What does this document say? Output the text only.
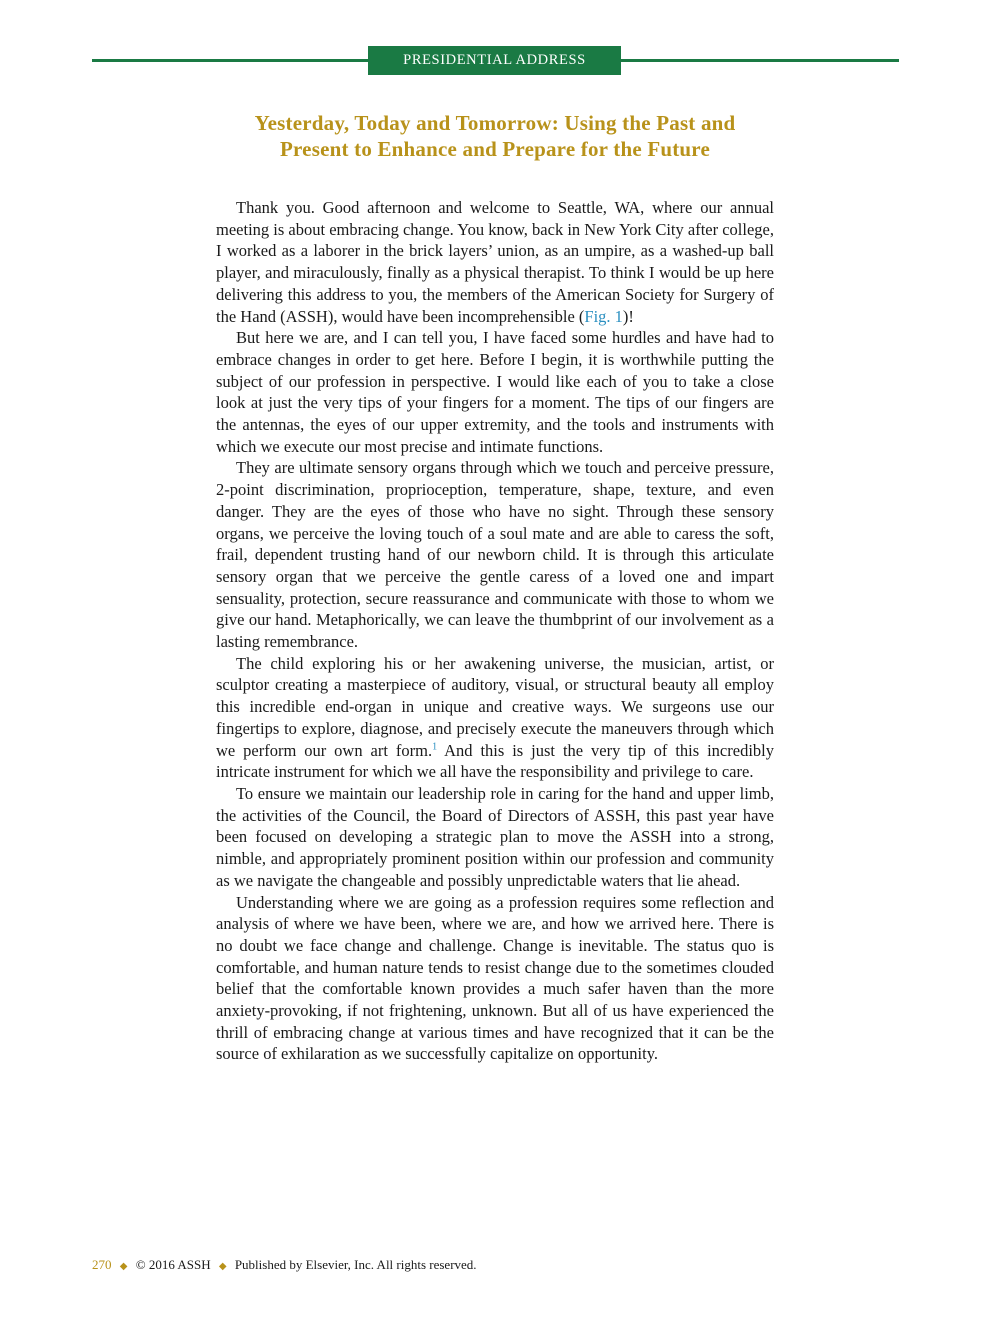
PRESIDENTIAL ADDRESS
Yesterday, Today and Tomorrow: Using the Past and
Present to Enhance and Prepare for the Future

Thank you. Good afternoon and welcome to Seattle, WA, where our annual meeting is about embracing change. You know, back in New York City after college, I worked as a laborer in the brick layers’ union, as an umpire, as a washed-up ball player, and miraculously, finally as a physical therapist. To think I would be up here delivering this address to you, the members of the American Society for Surgery of the Hand (ASSH), would have been incomprehensible (Fig. 1)!

But here we are, and I can tell you, I have faced some hurdles and have had to embrace changes in order to get here. Before I begin, it is worthwhile putting the subject of our profession in perspective. I would like each of you to take a close look at just the very tips of your fingers for a moment. The tips of our fingers are the antennas, the eyes of our upper extremity, and the tools and instruments with which we execute our most precise and intimate functions.

They are ultimate sensory organs through which we touch and perceive pressure, 2-point discrimination, proprioception, temperature, shape, texture, and even danger. They are the eyes of those who have no sight. Through these sensory organs, we perceive the loving touch of a soul mate and are able to caress the soft, frail, dependent trusting hand of our newborn child. It is through this articulate sensory organ that we perceive the gentle caress of a loved one and impart sensuality, protection, secure reassurance and communicate with those to whom we give our hand. Metaphorically, we can leave the thumbprint of our involvement as a lasting remembrance.

The child exploring his or her awakening universe, the musician, artist, or sculptor creating a masterpiece of auditory, visual, or structural beauty all employ this incredible end-organ in unique and creative ways. We surgeons use our fingertips to explore, diagnose, and precisely execute the maneuvers through which we perform our own art form.$^1$ And this is just the very tip of this incredibly intricate instrument for which we all have the responsibility and privilege to care.

To ensure we maintain our leadership role in caring for the hand and upper limb, the activities of the Council, the Board of Directors of ASSH, this past year have been focused on developing a strategic plan to move the ASSH into a strong, nimble, and appropriately prominent position within our profession and community as we navigate the changeable and possibly unpredictable waters that lie ahead.

Understanding where we are going as a profession requires some reflection and analysis of where we have been, where we are, and how we arrived here. There is no doubt we face change and challenge. Change is inevitable. The status quo is comfortable, and human nature tends to resist change due to the sometimes clouded belief that the comfortable known provides a much safer haven than the more anxiety-provoking, if not frightening, unknown. But all of us have experienced the thrill of embracing change at various times and have recognized that it can be the source of exhilaration as we successfully capitalize on opportunity.

270 ◆ © 2016 ASSH ◆ Published by Elsevier, Inc. All rights reserved.
